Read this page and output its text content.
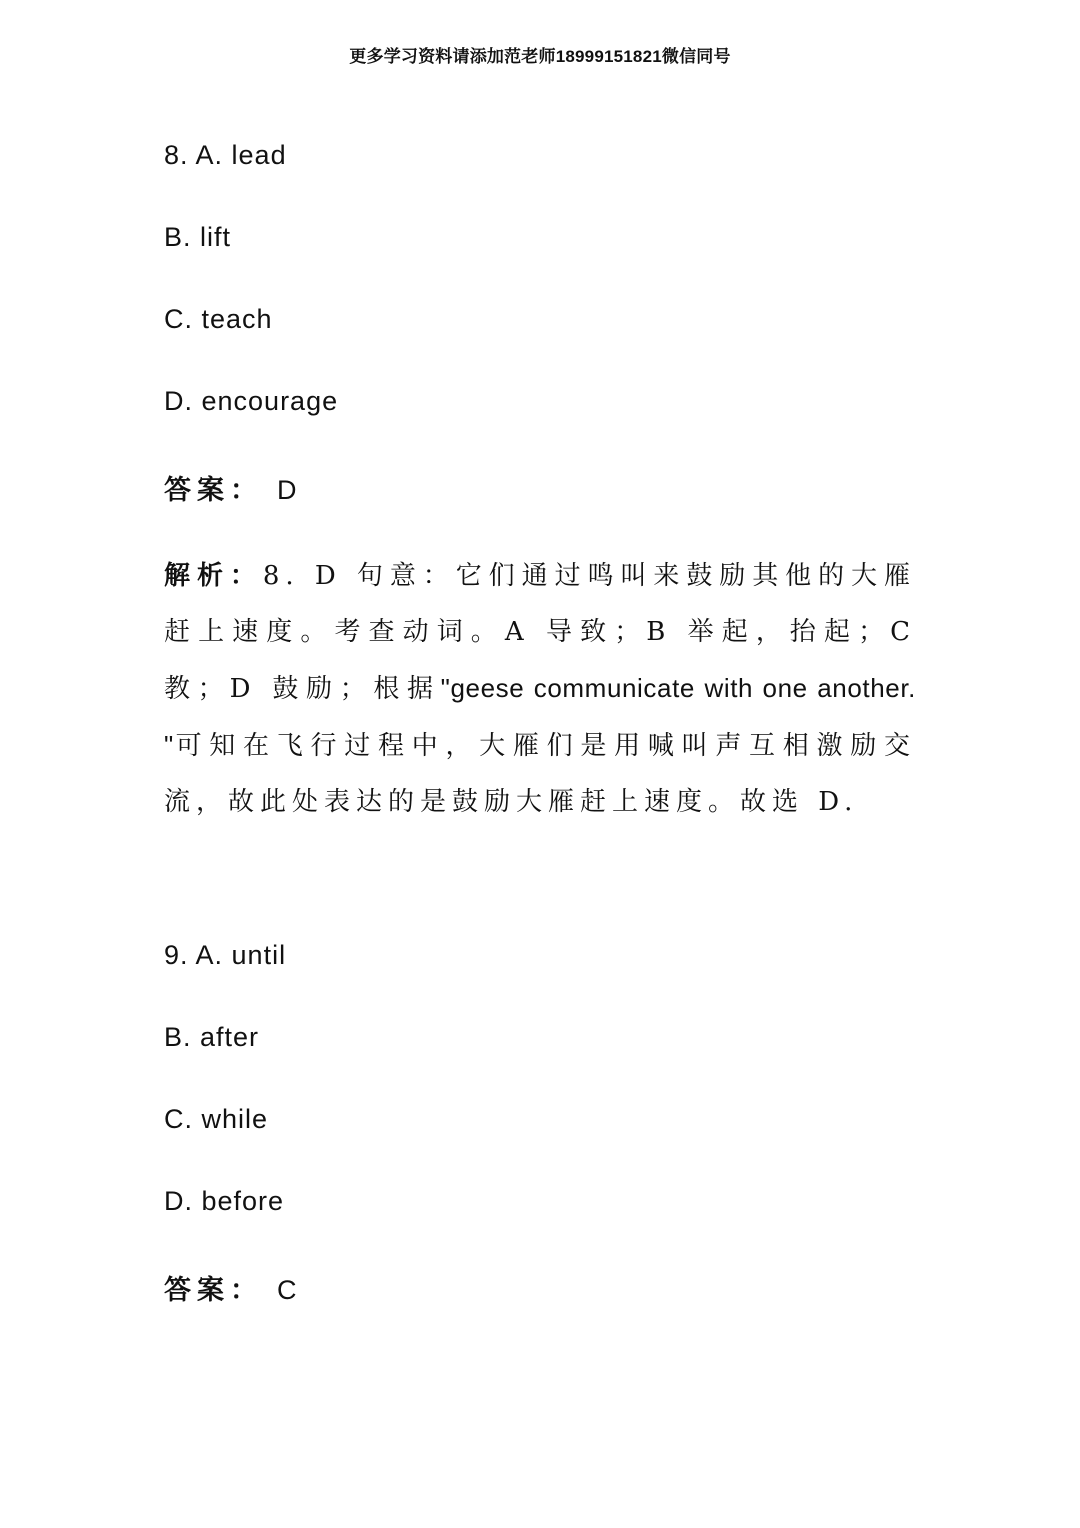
更多学习资料请添加范老师18999151821微信同号
8. A. lead
B. lift
C. teach
D. encourage
答案： D
解析：8. D 句意：它们通过鸣叫来鼓励其他的大雁赶上速度。考查动词。A 导致；B 举起，抬起；C 教；D 鼓励；根据"geese communicate with one another. "可知在飞行过程中，大雁们是用喊叫声互相激励交流，故此处表达的是鼓励大雁赶上速度。故选 D.
9. A. until
B. after
C. while
D. before
答案： C
